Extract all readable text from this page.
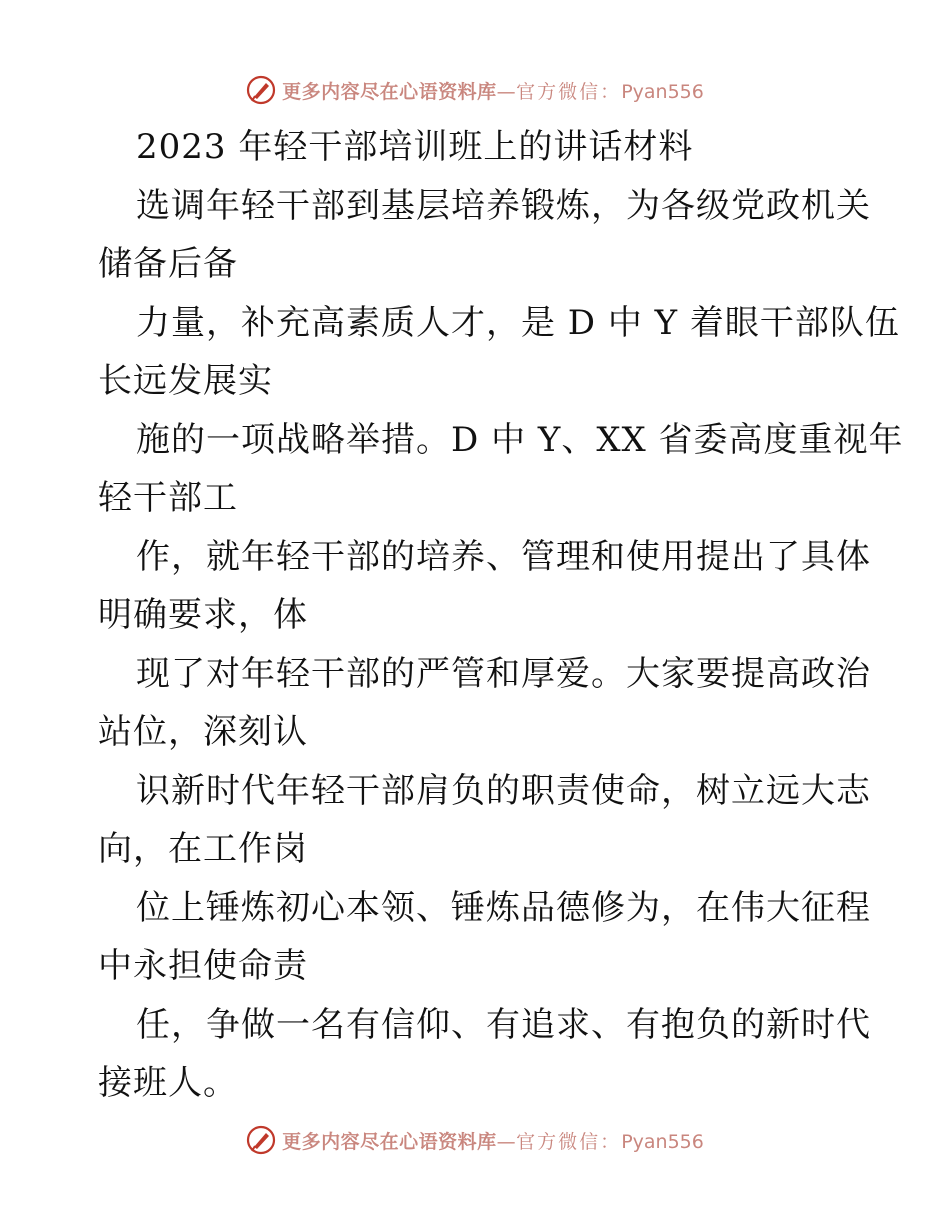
更多内容尽在心语资料库—官方微信：Pyan556
2023 年轻干部培训班上的讲话材料
选调年轻干部到基层培养锻炼，为各级党政机关
储备后备
力量，补充高素质人才，是 D 中 Y 着眼干部队伍
长远发展实
施的一项战略举措。D 中 Y、XX 省委高度重视年
轻干部工
作，就年轻干部的培养、管理和使用提出了具体
明确要求，体
现了对年轻干部的严管和厚爱。大家要提高政治
站位，深刻认
识新时代年轻干部肩负的职责使命，树立远大志
向，在工作岗
位上锤炼初心本领、锤炼品德修为，在伟大征程
中永担使命责
任，争做一名有信仰、有追求、有抱负的新时代
接班人。
更多内容尽在心语资料库—官方微信：Pyan556
